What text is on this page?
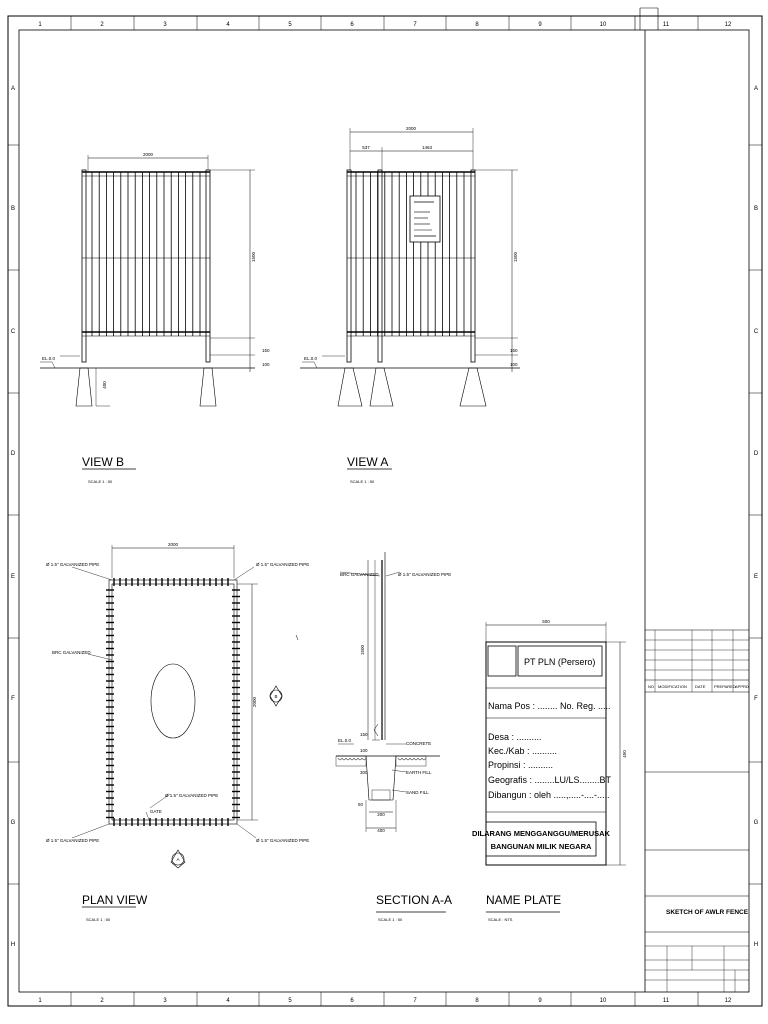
1	2	3	4	5	6	7	8	9	10	11	12
1	2	3	4	5	6	7	8	9	10	11	12
A
B
C
D
E
F
G
H
A
B
C
D
E
F
G
H
2000
1500
150
100
400
EL.0.0
VIEW B
SCALE 1 : 50
2000
537	1463
1500
150
100
EL.0.0
VIEW A
SCALE 1 : 50
2000
2000
Ø 1.5" GALVANIZED PIPE	Ø 1.5" GALVANIZED PIPE
BRC GALVANIZED
Ø 1.5" GALVANIZED PIPE
GATE
Ø 1.5" GALVANIZED PIPE	Ø 1.5" GALVANIZED PIPE
B
A
PLAN VIEW
SCALE 1 : 50
BRC GALVANIZED	Ø 1.5" GALVANIZED PIPE
1500
150
100
300
50
200
400
EL.0.0
CONCRETE
EARTH FILL
SAND FILL
SECTION A-A
SCALE 1 : 50
500
450
PT PLN (Persero)
Nama Pos : ........ No. Reg. .....
Desa : ..........
Kec./Kab : ..........
Propinsi : ..........
Geografis : ........LU/LS........BT
Dibangun : oleh .....,.....-....-.....
DILARANG MENGGANGGU/MERUSAK
BANGUNAN MILIK NEGARA
NAME PLATE
SCALE : NTS
NO MODIFICATION DATE PREPARED APPRD
SKETCH OF AWLR FENCE
